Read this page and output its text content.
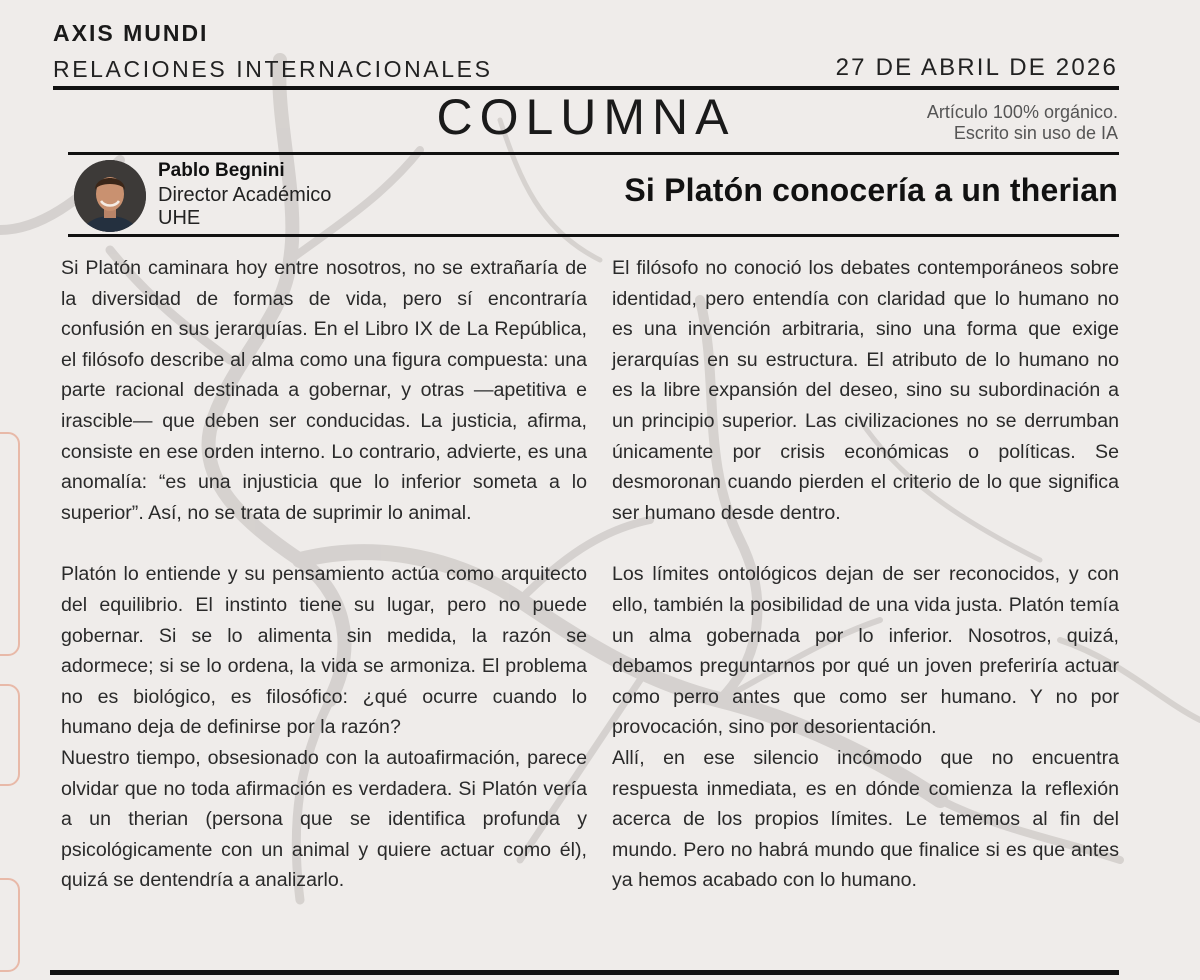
AXIS MUNDI
RELACIONES INTERNACIONALES	27 DE ABRIL DE 2026
COLUMNA	Artículo 100% orgánico.
Escrito sin uso de IA
Pablo Begnini
Director Académico
UHE
Si Platón conocería a un therian

Si Platón caminara hoy entre nosotros, no se extrañaría de la diversidad de formas de vida, pero sí encontraría confusión en sus jerarquías. En el Libro IX de La República, el filósofo describe al alma como una figura compuesta: una parte racional destinada a gobernar, y otras —apetitiva e irascible— que deben ser conducidas. La justicia, afirma, consiste en ese orden interno. Lo contrario, advierte, es una anomalía: “es una injusticia que lo inferior someta a lo superior”. Así, no se trata de suprimir lo animal.

Platón lo entiende y su pensamiento actúa como arquitecto del equilibrio. El instinto tiene su lugar, pero no puede gobernar. Si se lo alimenta sin medida, la razón se adormece; si se lo ordena, la vida se armoniza. El problema no es biológico, es filosófico: ¿qué ocurre cuando lo humano deja de definirse por la razón?

Nuestro tiempo, obsesionado con la autoafirmación, parece olvidar que no toda afirmación es verdadera. Si Platón vería a un therian (persona que se identifica profunda y psicológicamente con un animal y quiere actuar como él), quizá se dentendría a analizarlo.

El filósofo no conoció los debates contemporáneos sobre identidad, pero entendía con claridad que lo humano no es una invención arbitraria, sino una forma que exige jerarquías en su estructura. El atributo de lo humano no es la libre expansión del deseo, sino su subordinación a un principio superior. Las civilizaciones no se derrumban únicamente por crisis económicas o políticas. Se desmoronan cuando pierden el criterio de lo que significa ser humano desde dentro.

Los límites ontológicos dejan de ser reconocidos, y con ello, también la posibilidad de una vida justa. Platón temía un alma gobernada por lo inferior. Nosotros, quizá, debamos preguntarnos por qué un joven preferiría actuar como perro antes que como ser humano. Y no por provocación, sino por desorientación.

Allí, en ese silencio incómodo que no encuentra respuesta inmediata, es en dónde comienza la reflexión acerca de los propios límites. Le tememos al fin del mundo. Pero no habrá mundo que finalice si es que antes ya hemos acabado con lo humano.
